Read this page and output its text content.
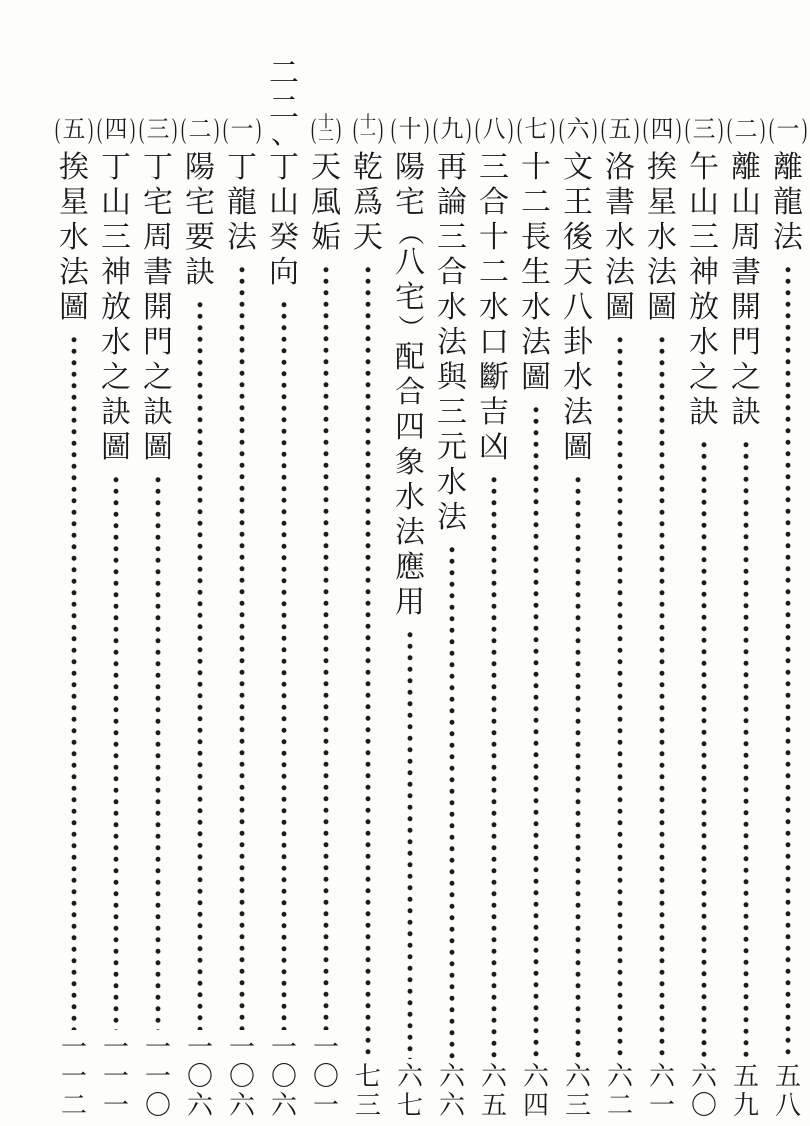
( 一 )
離
龍
法
五
八
( 二 )
離
山
周
書
開
門
之
訣
五
九
( 三 )
午
山
三
神
放
水
之
訣
六
〇
( 四 )
挨
星
水
法
圖
六
一
( 五 )
洛
書
水
法
圖
六
二
( 六 )
文
王
後
天
八
卦
水
法
圖
六
三
( 七 )
十
二
長
生
水
法
圖
六
四
( 八 )
三
合
十
二
水
口
斷
吉
凶
六
五
( 九 )
再
論
三
合
水
法
與
三
元
水
法
六
六
( 十 )
陽
宅
（
八
宅
）
配
合
四
象
水
法
應
用
六
七
( 十
一 )
乾
爲
天
七
三
( 十
二 )
天
風
姤
一
〇
一
二
二
、
丁
山
癸
向
一
〇
六
( 一 )
丁
龍
法
一
〇
六
( 二 )
陽
宅
要
訣
一
〇
六
( 三 )
丁
宅
周
書
開
門
之
訣
圖
一
一
〇
( 四 )
丁
山
三
神
放
水
之
訣
圖
一
一
一
( 五 )
挨
星
水
法
圖
一
一
二
